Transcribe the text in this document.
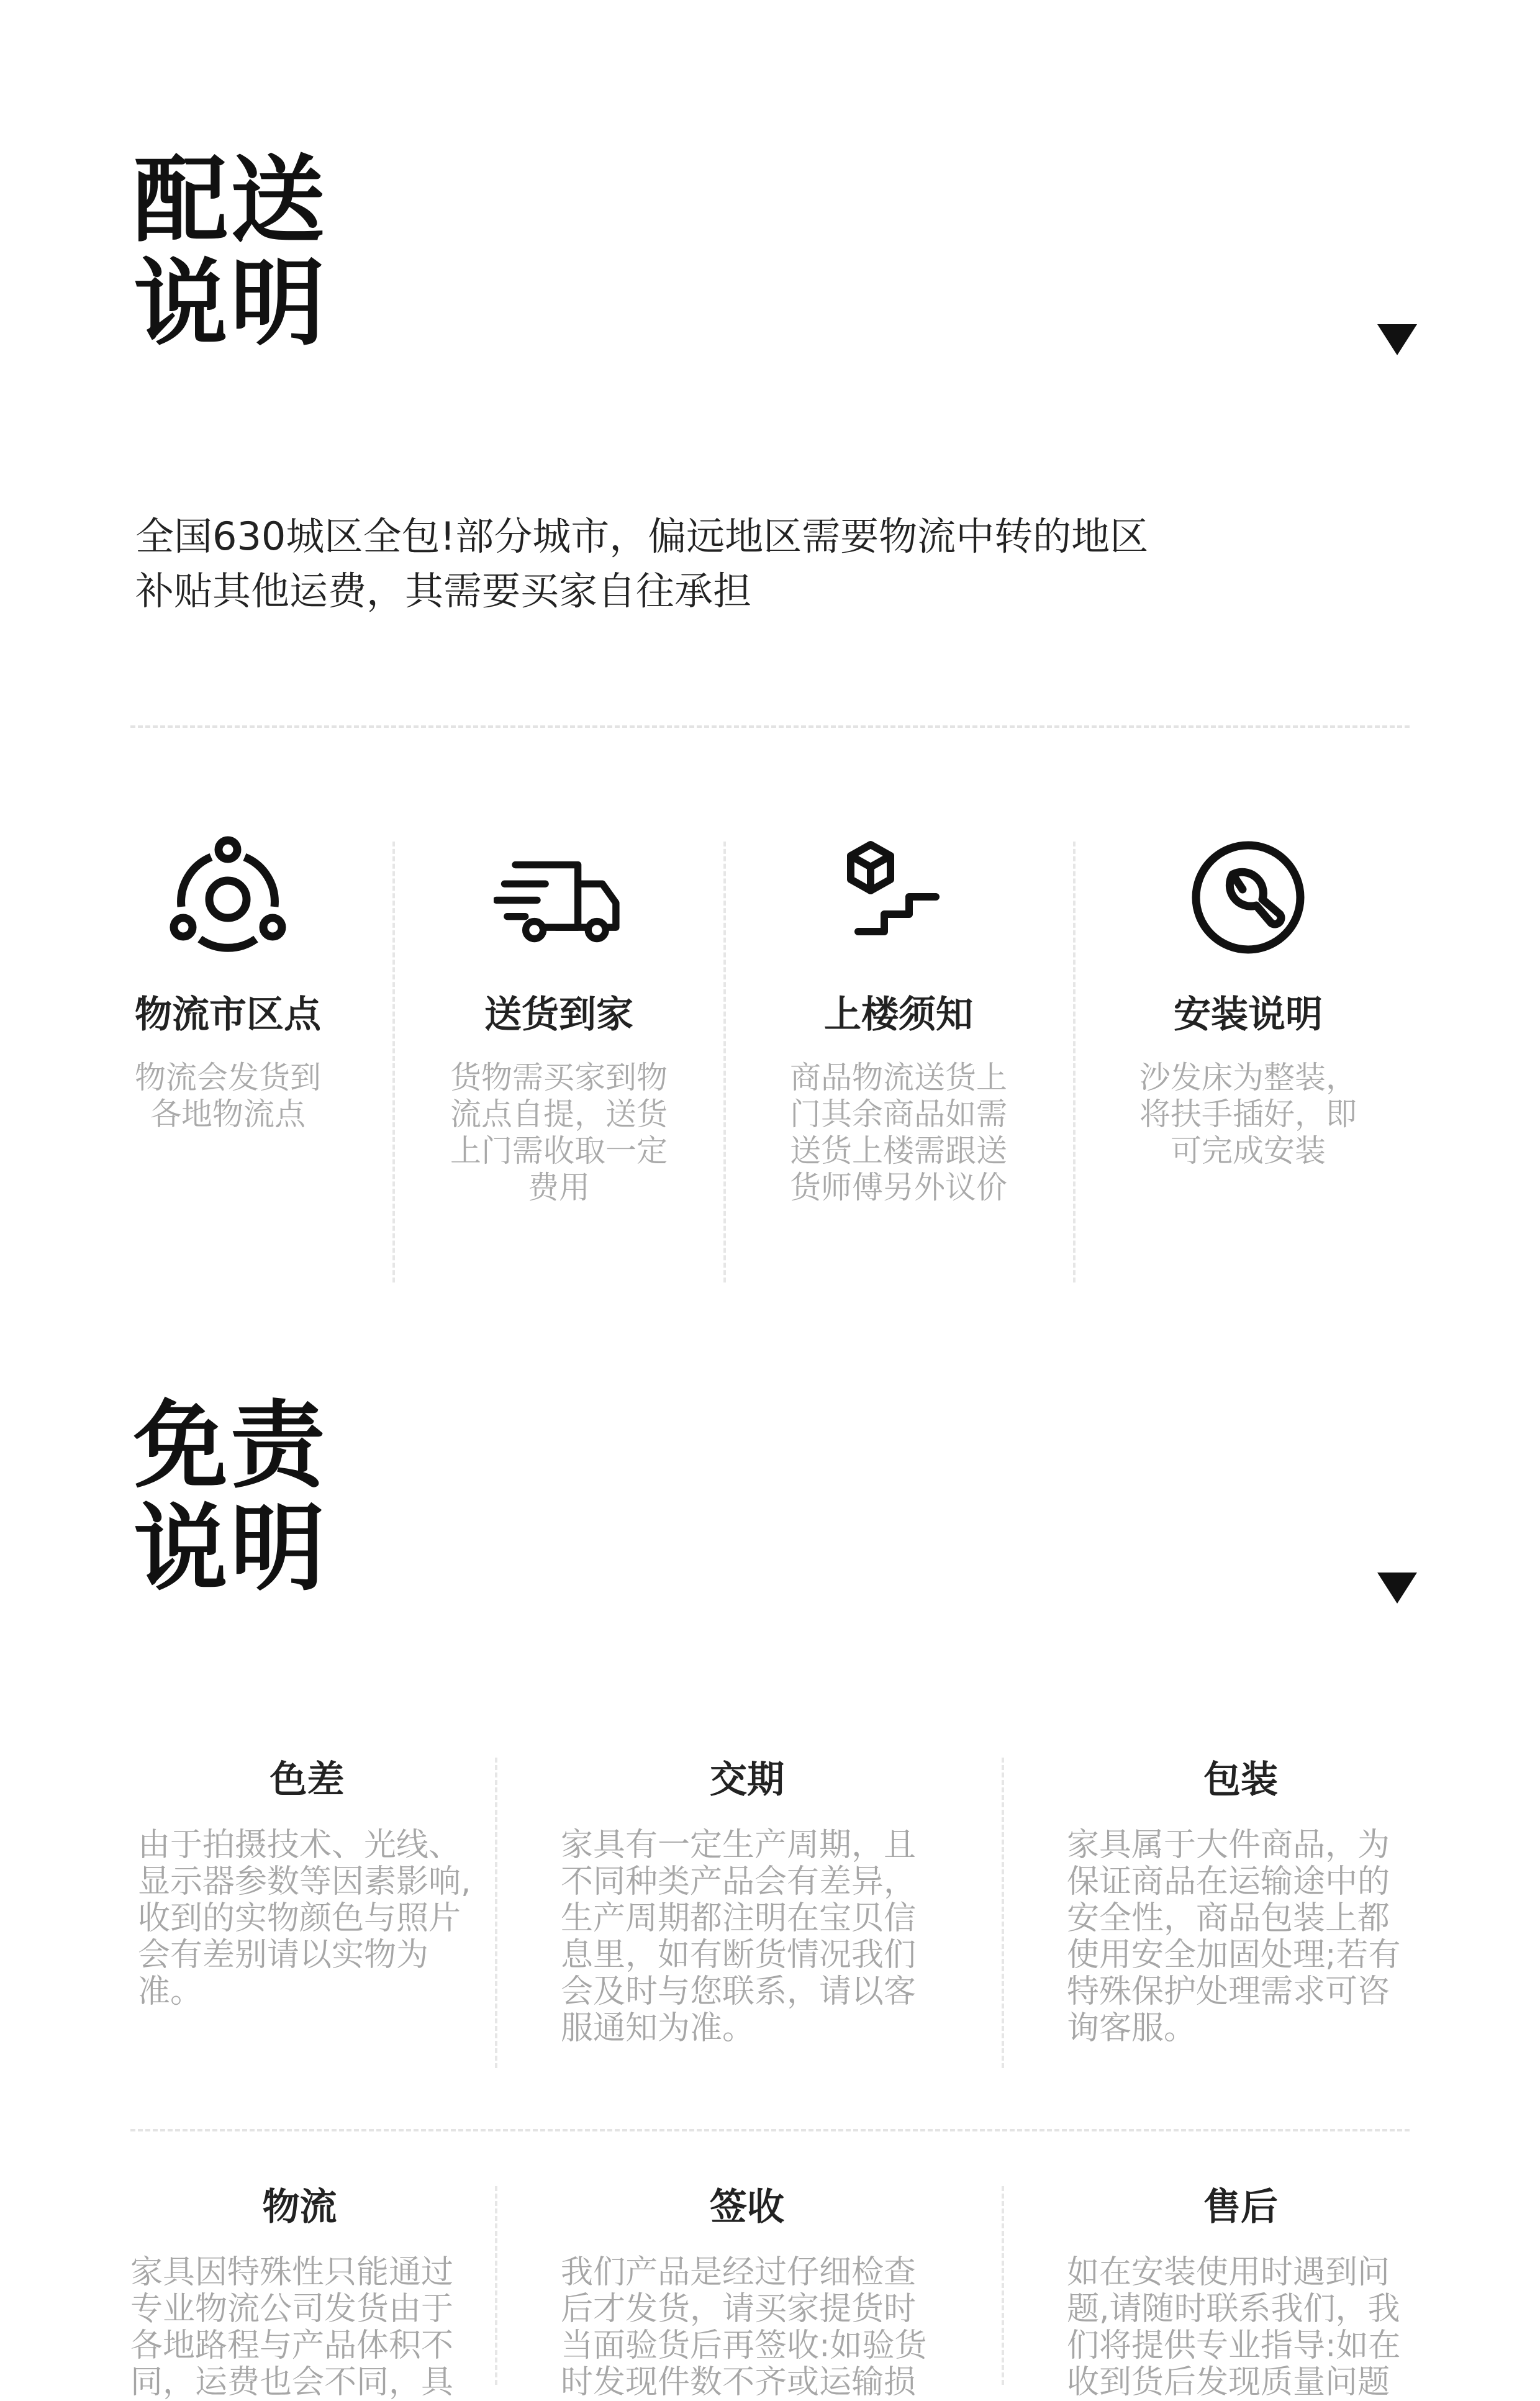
配送
说明
全国630城区全包!部分城市，偏远地区需要物流中转的地区
补贴其他运费，其需要买家自往承担
物流市区点
物流会发货到各地物流点
送货到家
货物需买家到物流点自提，送货上门需收取一定费用
上楼须知
商品物流送货上门其余商品如需送货上楼需跟送货师傅另外议价
安装说明
沙发床为整装，将扶手插好，即可完成安装
免责
说明
色差
由于拍摄技术、光线、显示器参数等因素影响,收到的实物颜色与照片会有差别请以实物为准。
交期
家具有一定生产周期，且不同种类产品会有差异，生产周期都注明在宝贝信息里，如有断货情况我们会及时与您联系，请以客服通知为准。
包装
家具属于大件商品，为保证商品在运输途中的安全性，商品包装上都使用安全加固处理;若有特殊保护处理需求可咨询客服。
物流
家具因特殊性只能通过专业物流公司发货由于各地路程与产品体积不同，运费也会不同，具
签收
我们产品是经过仔细检查后才发货，请买家提货时当面验货后再签收:如验货时发现件数不齐或运输损
售后
如在安装使用时遇到问题,请随时联系我们，我们将提供专业指导:如在收到货后发现质量问题
